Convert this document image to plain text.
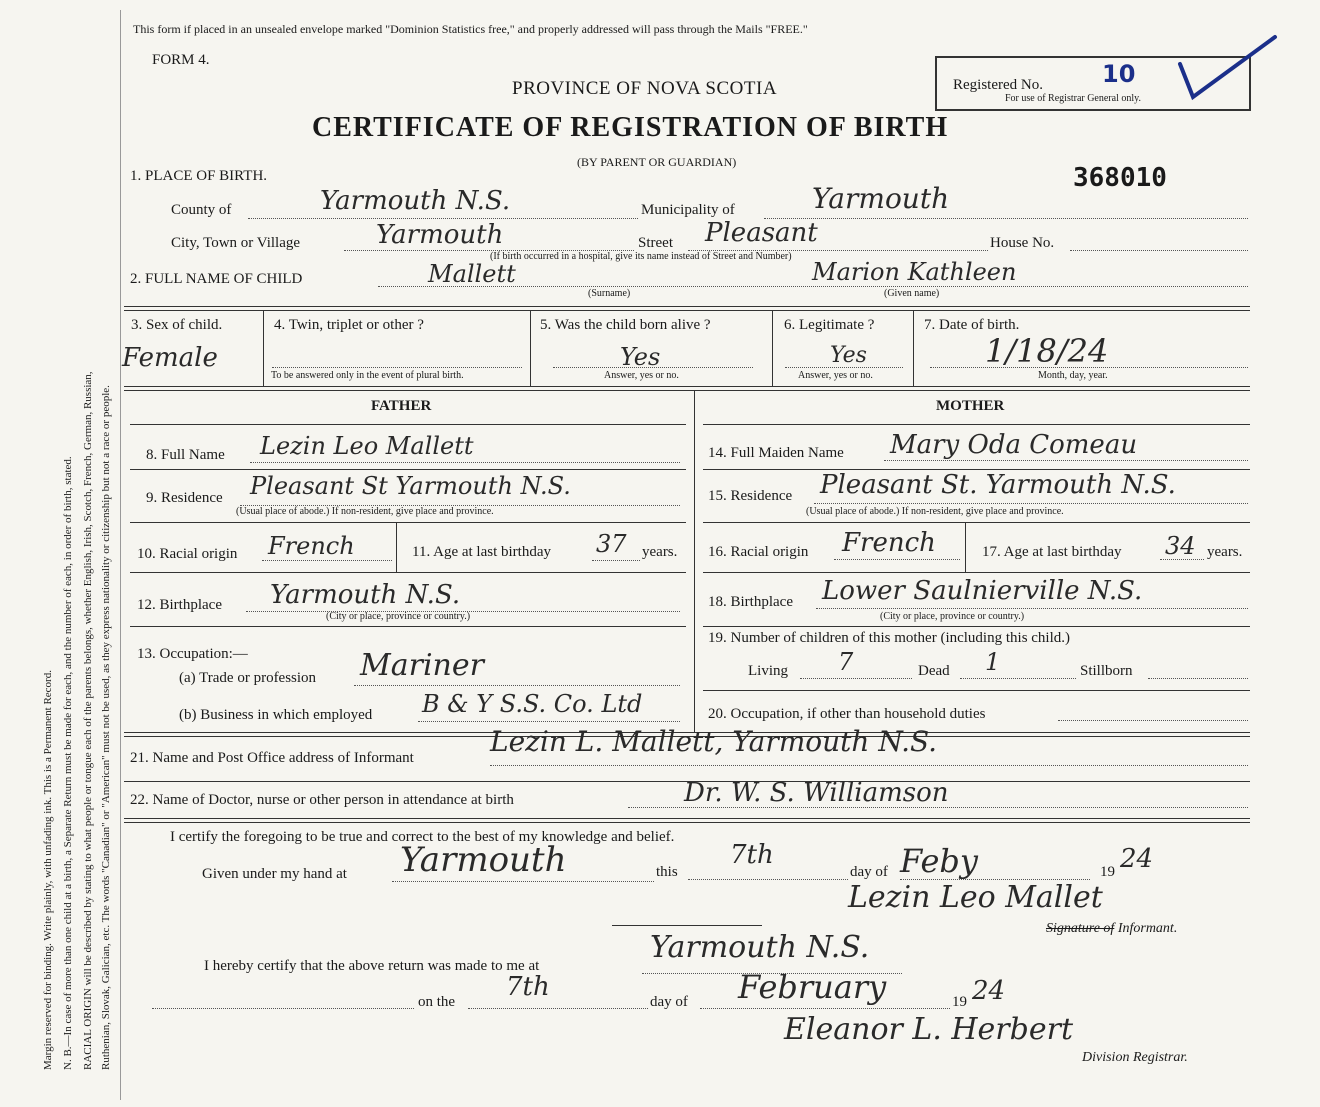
Margin reserved for binding. Write plainly, with unfading ink. This is a Permanent Record. N. B.—In case of more than one child at a birth, a Separate Return must be made for each, and the number of each, in order of birth, stated. RACIAL ORIGIN will be described by stating to what people or tongue each of the parents belongs, whether English, Irish, Scotch, French, German, Russian, Ruthenian, Slovak, Galician, etc. The words "Canadian" or "American" must not be used, as they express nationality or citizenship but not a race or people.
This form if placed in an unsealed envelope marked "Dominion Statistics free," and properly addressed will pass through the Mails "FREE."
FORM 4.
PROVINCE OF NOVA SCOTIA
CERTIFICATE OF REGISTRATION OF BIRTH
(BY PARENT OR GUARDIAN)
Registered No. 10
For use of Registrar General only.
368010
1. PLACE OF BIRTH.
County of	Yarmouth N.S.	Municipality of	Yarmouth
City, Town or Village	Yarmouth	Street Pleasant	House No.
(If birth occurred in a hospital, give its name instead of Street and Number)
2. FULL NAME OF CHILD	Mallett
(Surname)
Marion Kathleen
(Given name)
3. Sex of child.
Female
4. Twin, triplet or other ?
To be answered only in the event of plural birth.
5. Was the child born alive ?
Yes
Answer, yes or no.
6. Legitimate ?
Yes
Answer, yes or no.
7. Date of birth.
1/18/24
Month, day, year.
FATHER	MOTHER
8. Full Name Lezin Leo Mallett
9. Residence Pleasant St Yarmouth N.S.
(Usual place of abode.) If non-resident, give place and province.
10. Racial origin French	11. Age at last birthday 37 years.
12. Birthplace Yarmouth N.S.
(City or place, province or country.)
13. Occupation:—
(a) Trade or profession Mariner
(b) Business in which employed B & Y S.S. Co. Ltd
14. Full Maiden Name Mary Oda Comeau
15. Residence Pleasant St. Yarmouth N.S.
(Usual place of abode.) If non-resident, give place and province.
16. Racial origin French	17. Age at last birthday 34 years.
18. Birthplace Lower Saulnierville N.S.
(City or place, province or country.)
19. Number of children of this mother (including this child.)
Living 7	Dead 1	Stillborn
20. Occupation, if other than household duties
21. Name and Post Office address of Informant	Lezin L. Mallett, Yarmouth N.S.
22. Name of Doctor, nurse or other person in attendance at birth	Dr. W. S. Williamson
I certify the foregoing to be true and correct to the best of my knowledge and belief.
Given under my hand at Yarmouth	this
7th
day of Feby	19 24
Lezin Leo Mallet
Signature of Informant.
I hereby certify that the above return was made to me at
Yarmouth N.S.
on the 7th	day of February	19 24
Eleanor L. Herbert
Division Registrar.
